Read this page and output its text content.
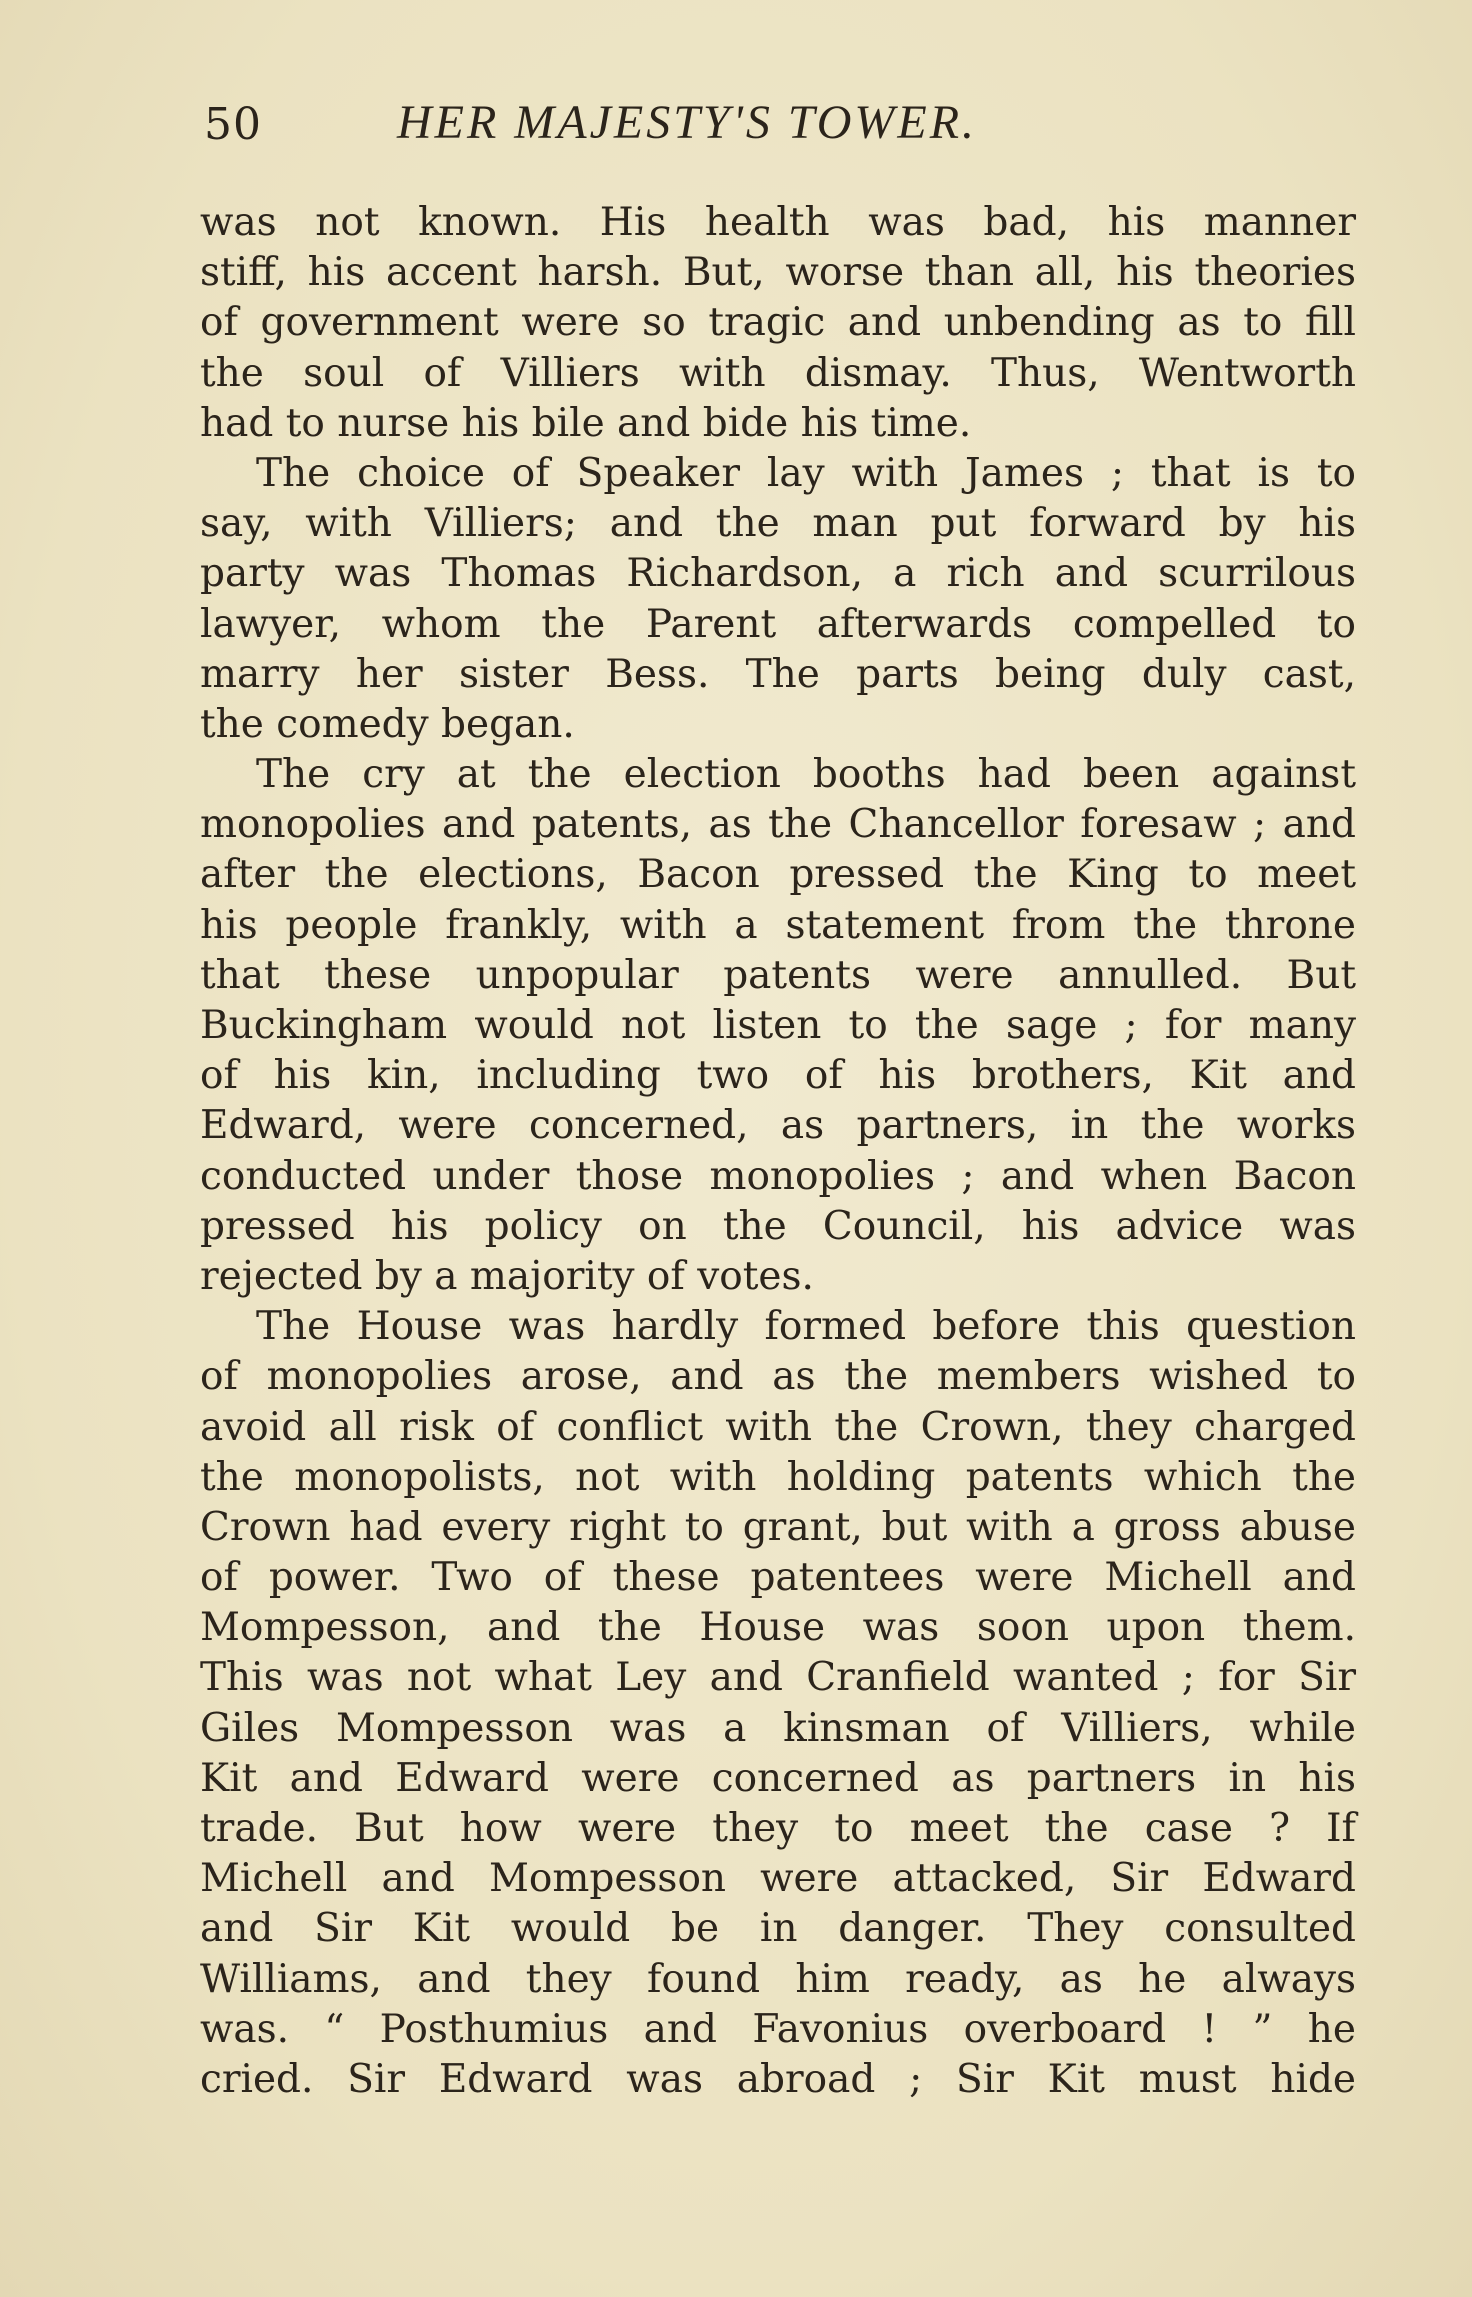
50	HER MAJESTY'S TOWER.
was not known. His health was bad, his manner
stiff, his accent harsh. But, worse than all, his theories
of government were so tragic and unbending as to fill
the soul of Villiers with dismay. Thus, Wentworth
had to nurse his bile and bide his time.
The choice of Speaker lay with James ; that is to
say, with Villiers; and the man put forward by his
party was Thomas Richardson, a rich and scurrilous
lawyer, whom the Parent afterwards compelled to
marry her sister Bess. The parts being duly cast,
the comedy began.
The cry at the election booths had been against
monopolies and patents, as the Chancellor foresaw ; and
after the elections, Bacon pressed the King to meet
his people frankly, with a statement from the throne
that these unpopular patents were annulled. But
Buckingham would not listen to the sage ; for many
of his kin, including two of his brothers, Kit and
Edward, were concerned, as partners, in the works
conducted under those monopolies ; and when Bacon
pressed his policy on the Council, his advice was
rejected by a majority of votes.
The House was hardly formed before this question
of monopolies arose, and as the members wished to
avoid all risk of conflict with the Crown, they charged
the monopolists, not with holding patents which the
Crown had every right to grant, but with a gross abuse
of power. Two of these patentees were Michell and
Mompesson, and the House was soon upon them.
This was not what Ley and Cranfield wanted ; for Sir
Giles Mompesson was a kinsman of Villiers, while
Kit and Edward were concerned as partners in his
trade. But how were they to meet the case ? If
Michell and Mompesson were attacked, Sir Edward
and Sir Kit would be in danger. They consulted
Williams, and they found him ready, as he always
was. “ Posthumius and Favonius overboard ! ” he
cried. Sir Edward was abroad ; Sir Kit must hide
